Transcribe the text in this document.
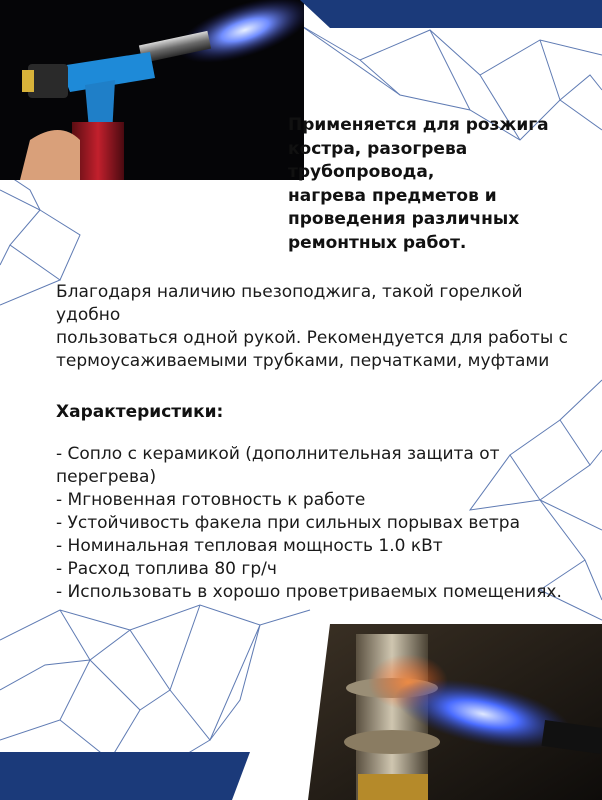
Применяется для розжига
костра, разогрева трубопровода,
нагрева предметов и
проведения различных
ремонтных работ.
Благодаря наличию пьезоподжига, такой горелкой удобно
пользоваться одной рукой. Рекомендуется для работы с
термоусаживаемыми трубками, перчатками, муфтами
Характеристики:
- Сопло с керамикой (дополнительная защита от
перегрева)
- Мгновенная готовность к работе
- Устойчивость факела при сильных порывах ветра
- Номинальная тепловая мощность 1.0 кВт
- Расход топлива 80 гр/ч
- Использовать в хорошо проветриваемых помещениях.
